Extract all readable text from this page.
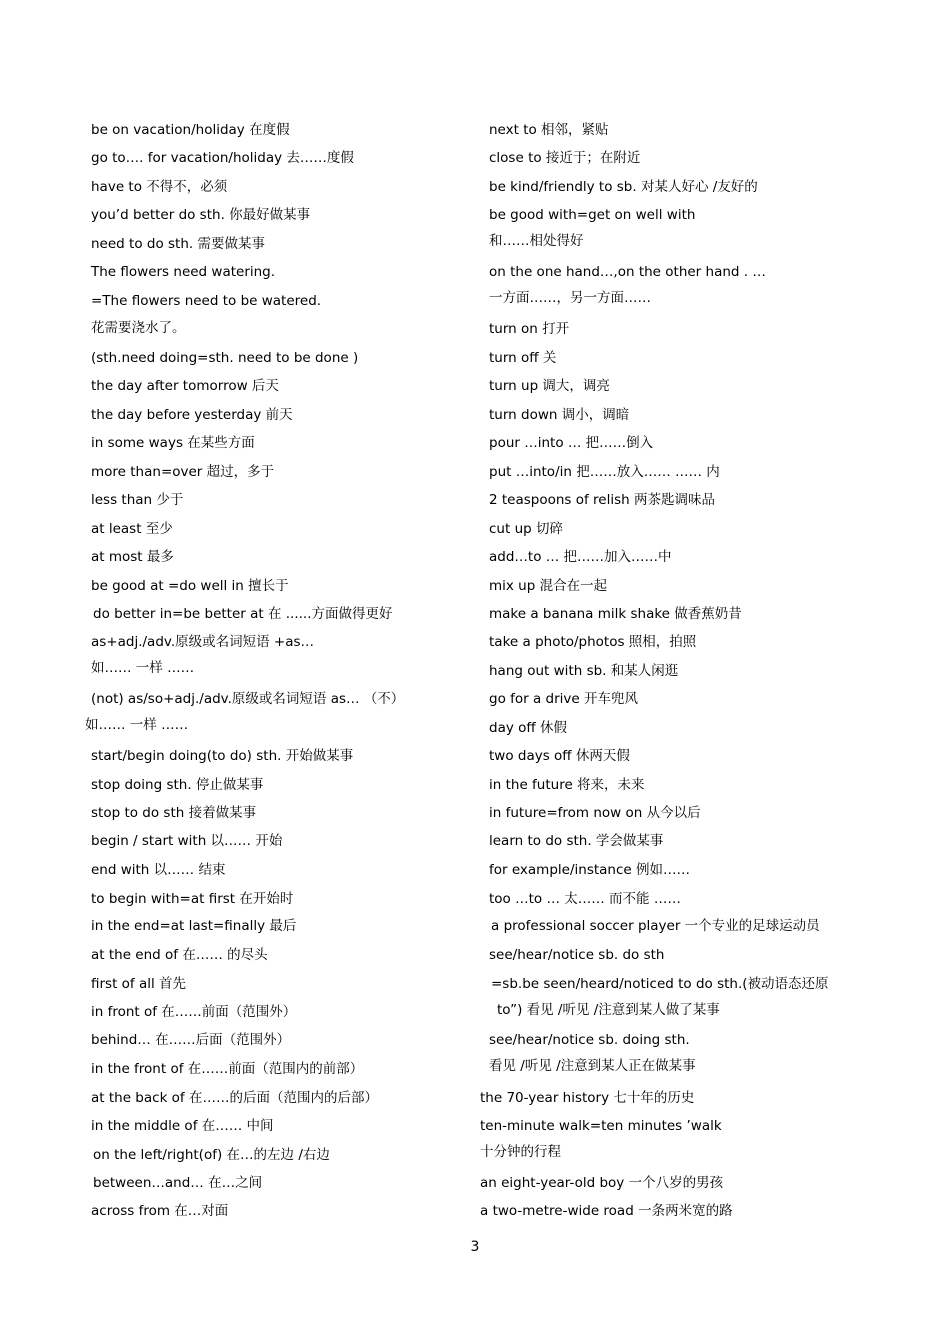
be on vacation/holiday 在度假
go to…. for vacation/holiday 去……度假
have to 不得不，必须
you’d better do sth. 你最好做某事
need to do sth. 需要做某事
The flowers need watering.
=The flowers need to be watered.
花需要浇水了。
(sth.need doing=sth. need to be done )
the day after tomorrow 后天
the day before yesterday 前天
in some ways 在某些方面
more than=over 超过，多于
less than 少于
at least 至少
at most 最多
be good at =do well in 擅长于
do better in=be better at 在 ......方面做得更好
as+adj./adv.原级或名词短语 +as…
如…… 一样 ……
(not) as/so+adj./adv.原级或名词短语 as… （不）
如…… 一样 ……
start/begin doing(to do) sth. 开始做某事
stop doing sth. 停止做某事
stop to do sth 接着做某事
begin / start with 以…… 开始
end with 以…… 结束
to begin with=at first 在开始时
in the end=at last=finally 最后
at the end of 在…… 的尽头
first of all 首先
in front of 在……前面（范围外）
behind… 在……后面（范围外）
in the front of 在……前面（范围内的前部）
at the back of 在……的后面（范围内的后部）
in the middle of 在…… 中间
on the left/right(of) 在…的左边 /右边
between…and… 在…之间
across from 在…对面
next to 相邻，紧贴
close to 接近于；在附近
be kind/friendly to sb. 对某人好心 /友好的
be good with=get on well with
和……相处得好
on the one hand…,on the other hand . …
一方面……，另一方面……
turn on 打开
turn off 关
turn up 调大，调亮
turn down 调小，调暗
pour …into … 把……倒入
put …into/in 把……放入…… …… 内
2 teaspoons of relish 两茶匙调味品
cut up 切碎
add…to … 把……加入……中
mix up 混合在一起
make a banana milk shake 做香蕉奶昔
take a photo/photos 照相，拍照
hang out with sb. 和某人闲逛
go for a drive 开车兜风
day off 休假
two days off 休两天假
in the future 将来，未来
in future=from now on 从今以后
learn to do sth. 学会做某事
for example/instance 例如……
too …to … 太…… 而不能 ……
a professional soccer player 一个专业的足球运动员
see/hear/notice sb. do sth
=sb.be seen/heard/noticed to do sth.(被动语态还原
to”) 看见 /听见 /注意到某人做了某事
see/hear/notice sb. doing sth.
看见 /听见 /注意到某人正在做某事
the 70-year history 七十年的历史
ten-minute walk=ten minutes ’walk
十分钟的行程
an eight-year-old boy 一个八岁的男孩
a two-metre-wide road 一条两米宽的路
3
